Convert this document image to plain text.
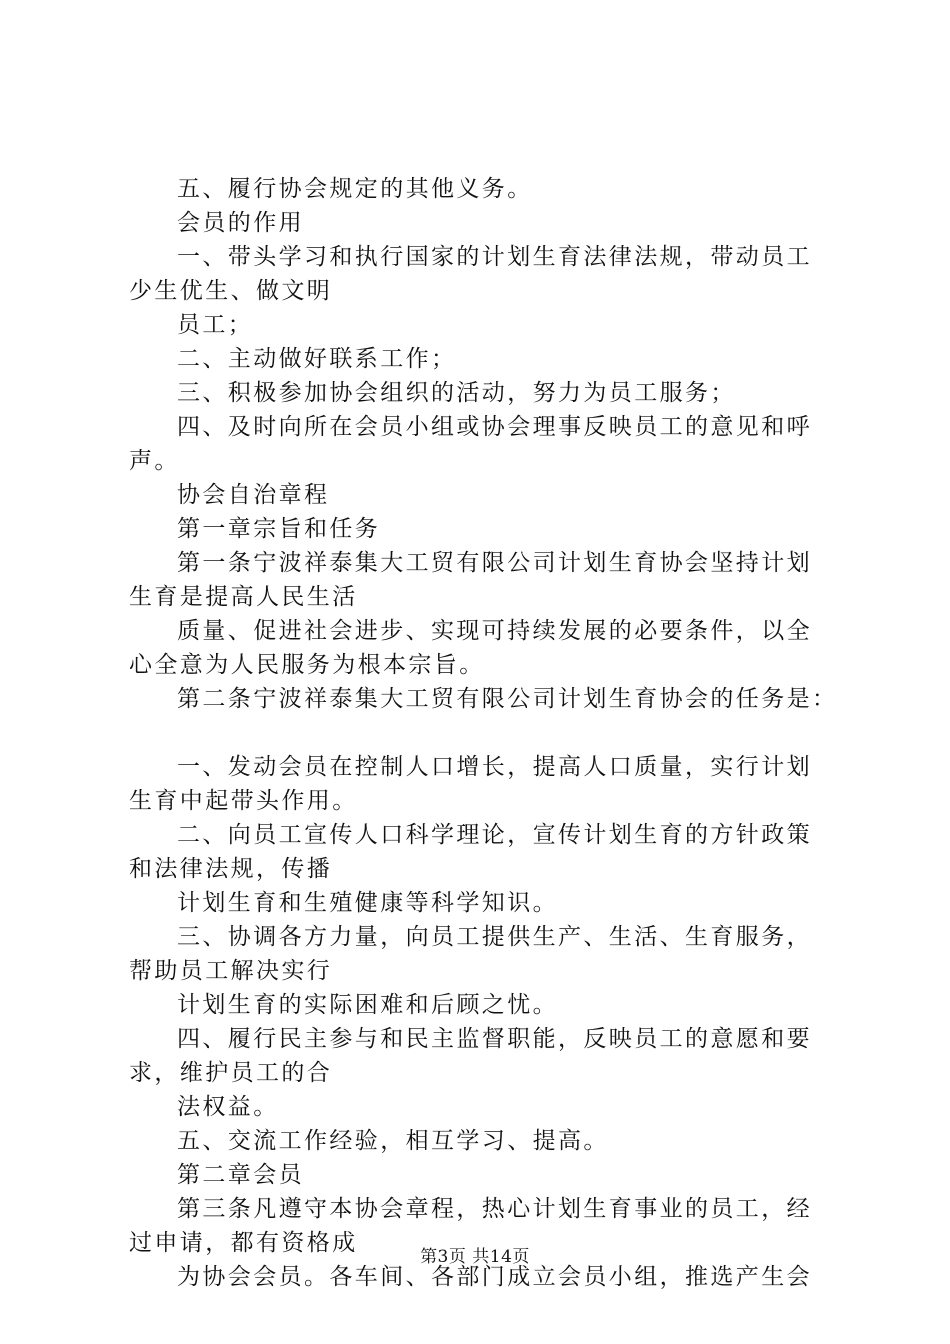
五、履行协会规定的其他义务。
会员的作用
一、带头学习和执行国家的计划生育法律法规，带动员工
少生优生、做文明
员工；
二、主动做好联系工作；
三、积极参加协会组织的活动，努力为员工服务；
四、及时向所在会员小组或协会理事反映员工的意见和呼
声。
协会自治章程
第一章宗旨和任务
第一条宁波祥泰集大工贸有限公司计划生育协会坚持计划
生育是提高人民生活
质量、促进社会进步、实现可持续发展的必要条件，以全
心全意为人民服务为根本宗旨。
第二条宁波祥泰集大工贸有限公司计划生育协会的任务是：
一、发动会员在控制人口增长，提高人口质量，实行计划
生育中起带头作用。
二、向员工宣传人口科学理论，宣传计划生育的方针政策
和法律法规，传播
计划生育和生殖健康等科学知识。
三、协调各方力量，向员工提供生产、生活、生育服务，
帮助员工解决实行
计划生育的实际困难和后顾之忧。
四、履行民主参与和民主监督职能，反映员工的意愿和要
求，维护员工的合
法权益。
五、交流工作经验，相互学习、提高。
第二章会员
第三条凡遵守本协会章程，热心计划生育事业的员工，经
过申请，都有资格成
为协会会员。各车间、各部门成立会员小组，推选产生会
第3页 共14页
